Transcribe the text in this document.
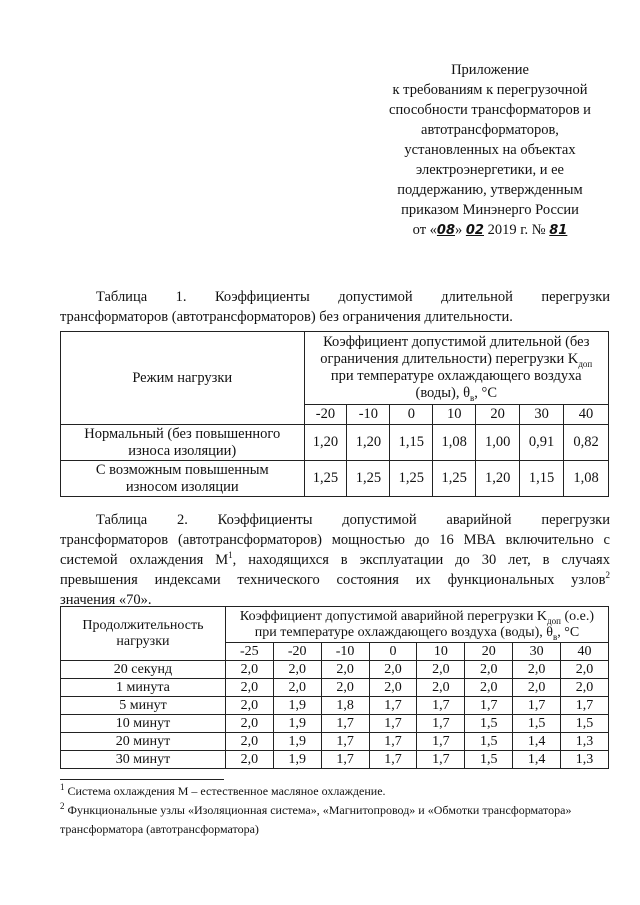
Приложение
к требованиям к перегрузочной
способности трансформаторов и
автотрансформаторов,
установленных на объектах
электроэнергетики, и ее
поддержанию, утвержденным
приказом Минэнерго России
от «08» 02 2019 г. № 81
Таблица 1. Коэффициенты допустимой длительной перегрузки
трансформаторов (автотрансформаторов) без ограничения длительности.
Режим нагрузки	Коэффициент допустимой длительной (без ограничения длительности) перегрузки $K_{доп}$ при температуре охлаждающего воздуха (воды), $\theta_в$, °C						
	-20	-10	0	10	20	30	40
Нормальный (без повышенного износа изоляции)	1,20	1,20	1,15	1,08	1,00	0,91	0,82
С возможным повышенным износом изоляции	1,25	1,25	1,25	1,25	1,20	1,15	1,08
Таблица 2. Коэффициенты допустимой аварийной перегрузки
трансформаторов (автотрансформаторов) мощностью до 16 МВА включительно с
системой охлаждения $М^1$, находящихся в эксплуатации до 30 лет, в случаях
превышения индексами технического состояния их функциональных узлов$^2$
значения «70».
Продолжительность нагрузки	Коэффициент допустимой аварийной перегрузки $K_{доп}$ (о.е.) при температуре охлаждающего воздуха (воды), $\theta_в$, °C							
	-25	-20	-10	0	10	20	30	40
20 секунд	2,0	2,0	2,0	2,0	2,0	2,0	2,0	2,0
1 минута	2,0	2,0	2,0	2,0	2,0	2,0	2,0	2,0
5 минут	2,0	1,9	1,8	1,7	1,7	1,7	1,7	1,7
10 минут	2,0	1,9	1,7	1,7	1,7	1,5	1,5	1,5
20 минут	2,0	1,9	1,7	1,7	1,7	1,5	1,4	1,3
30 минут	2,0	1,9	1,7	1,7	1,7	1,5	1,4	1,3
$^1$ Система охлаждения М – естественное масляное охлаждение.
$^2$ Функциональные узлы «Изоляционная система», «Магнитопровод» и «Обмотки трансформатора» трансформатора (автотрансформатора)
